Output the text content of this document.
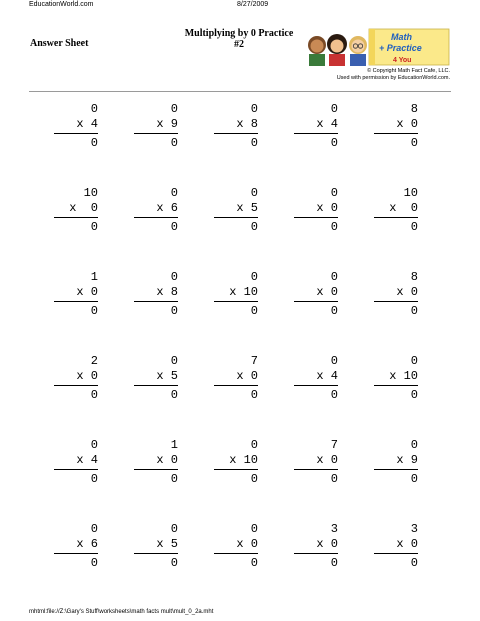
EducationWorld.com	8/27/2009
Answer Sheet
Multiplying by 0 Practice
#2
Math
+ Practice
4 You
© Copyright Math Fact Cafe, LLC.
Used with permission by EducationWorld.com.
0
x 4
0
0
x 9
0
0
x 8
0
0
x 4
0
8
x 0
0
10
x  0
0
0
x 6
0
0
x 5
0
0
x 0
0
10
x  0
0
1
x 0
0
0
x 8
0
0
x 10
0
0
x 0
0
8
x 0
0
2
x 0
0
0
x 5
0
7
x 0
0
0
x 4
0
0
x 10
0
0
x 4
0
1
x 0
0
0
x 10
0
7
x 0
0
0
x 9
0
0
x 6
0
0
x 5
0
0
x 0
0
3
x 0
0
3
x 0
0
mhtml:file://Z:\Gary's Stuff\worksheets\math facts mult\mult_0_2a.mht
